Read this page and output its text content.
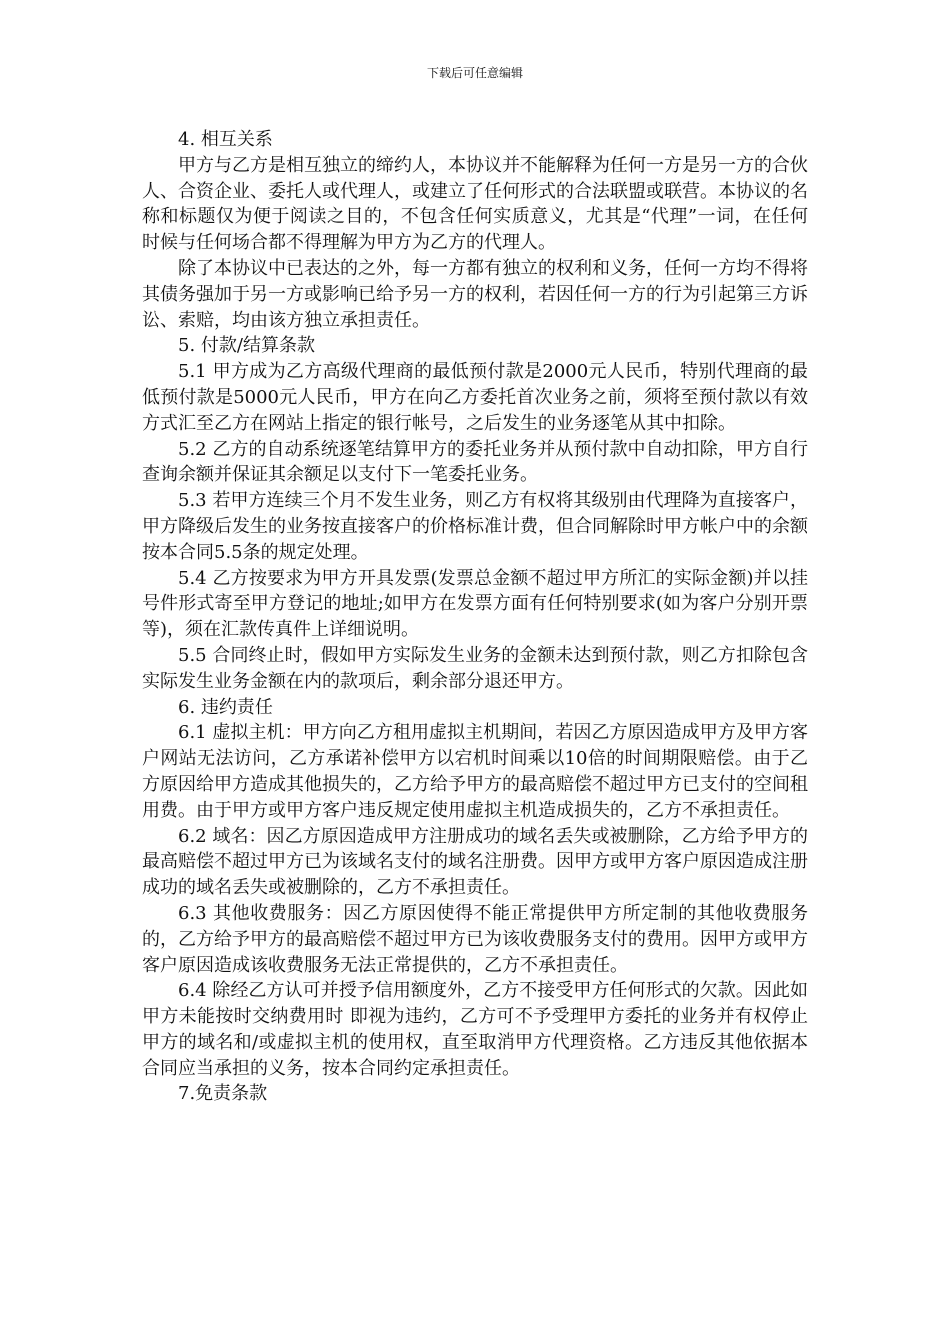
下载后可任意编辑

4. 相互关系

甲方与乙方是相互独立的缔约人，本协议并不能解释为任何一方是另一方的合伙人、合资企业、委托人或代理人，或建立了任何形式的合法联盟或联营。本协议的名称和标题仅为便于阅读之目的，不包含任何实质意义，尤其是“代理”一词，在任何时候与任何场合都不得理解为甲方为乙方的代理人。

除了本协议中已表达的之外，每一方都有独立的权利和义务，任何一方均不得将其债务强加于另一方或影响已给予另一方的权利，若因任何一方的行为引起第三方诉讼、索赔，均由该方独立承担责任。

5. 付款/结算条款

5.1 甲方成为乙方高级代理商的最低预付款是2000元人民币，特别代理商的最低预付款是5000元人民币，甲方在向乙方委托首次业务之前，须将至预付款以有效方式汇至乙方在网站上指定的银行帐号，之后发生的业务逐笔从其中扣除。

5.2 乙方的自动系统逐笔结算甲方的委托业务并从预付款中自动扣除，甲方自行查询余额并保证其余额足以支付下一笔委托业务。

5.3 若甲方连续三个月不发生业务，则乙方有权将其级别由代理降为直接客户，甲方降级后发生的业务按直接客户的价格标准计费，但合同解除时甲方帐户中的余额按本合同5.5条的规定处理。

5.4 乙方按要求为甲方开具发票(发票总金额不超过甲方所汇的实际金额)并以挂号件形式寄至甲方登记的地址;如甲方在发票方面有任何特别要求(如为客户分别开票等)，须在汇款传真件上详细说明。

5.5 合同终止时，假如甲方实际发生业务的金额未达到预付款，则乙方扣除包含实际发生业务金额在内的款项后，剩余部分退还甲方。

6. 违约责任

6.1 虚拟主机：甲方向乙方租用虚拟主机期间，若因乙方原因造成甲方及甲方客户网站无法访问，乙方承诺补偿甲方以宕机时间乘以10倍的时间期限赔偿。由于乙方原因给甲方造成其他损失的，乙方给予甲方的最高赔偿不超过甲方已支付的空间租用费。由于甲方或甲方客户违反规定使用虚拟主机造成损失的，乙方不承担责任。

6.2 域名：因乙方原因造成甲方注册成功的域名丢失或被删除，乙方给予甲方的最高赔偿不超过甲方已为该域名支付的域名注册费。因甲方或甲方客户原因造成注册成功的域名丢失或被删除的，乙方不承担责任。

6.3 其他收费服务：因乙方原因使得不能正常提供甲方所定制的其他收费服务的，乙方给予甲方的最高赔偿不超过甲方已为该收费服务支付的费用。因甲方或甲方客户原因造成该收费服务无法正常提供的，乙方不承担责任。

6.4 除经乙方认可并授予信用额度外，乙方不接受甲方任何形式的欠款。因此如甲方未能按时交纳费用时 即视为违约，乙方可不予受理甲方委托的业务并有权停止甲方的域名和/或虚拟主机的使用权，直至取消甲方代理资格。乙方违反其他依据本合同应当承担的义务，按本合同约定承担责任。

7.免责条款
